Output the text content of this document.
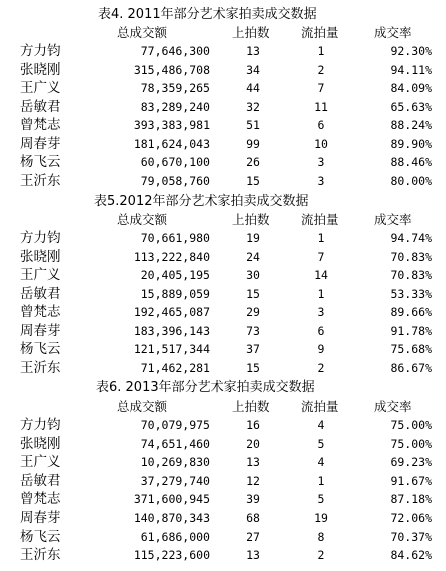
表4. 2011年部分艺术家拍卖成交数据
总成交额	上拍数	流拍量	成交率
方力钧	77,646,300	13	1	92.30%
张晓刚	315,486,708	34	2	94.11%
王广义	78,359,265	44	7	84.09%
岳敏君	83,289,240	32	11	65.63%
曾梵志	393,383,981	51	6	88.24%
周春芽	181,624,043	99	10	89.90%
杨飞云	60,670,100	26	3	88.46%
王沂东	79,058,760	15	3	80.00%
表5.2012年部分艺术家拍卖成交数据
总成交额	上拍数	流拍量	成交率
方力钧	70,661,980	19	1	94.74%
张晓刚	113,222,840	24	7	70.83%
王广义	20,405,195	30	14	70.83%
岳敏君	15,889,059	15	1	53.33%
曾梵志	192,465,087	29	3	89.66%
周春芽	183,396,143	73	6	91.78%
杨飞云	121,517,344	37	9	75.68%
王沂东	71,462,281	15	2	86.67%
表6. 2013年部分艺术家拍卖成交数据
总成交额	上拍数	流拍量	成交率
方力钧	70,079,975	16	4	75.00%
张晓刚	74,651,460	20	5	75.00%
王广义	10,269,830	13	4	69.23%
岳敏君	37,279,740	12	1	91.67%
曾梵志	371,600,945	39	5	87.18%
周春芽	140,870,343	68	19	72.06%
杨飞云	61,686,000	27	8	70.37%
王沂东	115,223,600	13	2	84.62%
